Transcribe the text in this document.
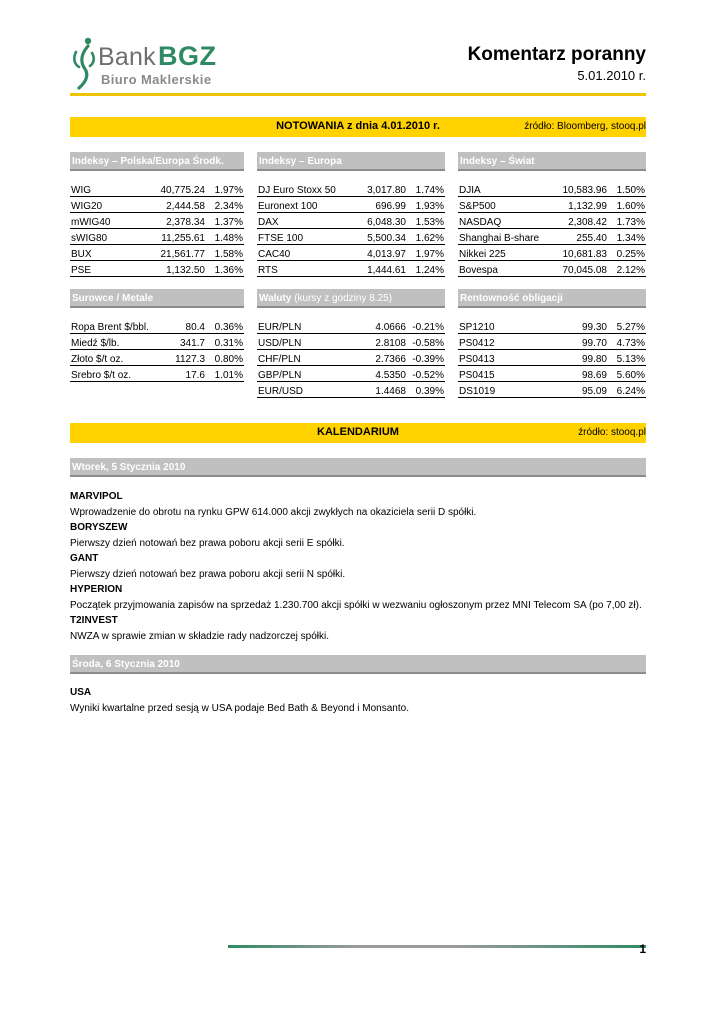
Bank BGZ
Biuro Maklerskie
Komentarz poranny
5.01.2010 r.
NOTOWANIA z dnia 4.01.2010 r.	źródło: Bloomberg, stooq.pl
Indeksy – Polska/Europa Środk.	Indeksy – Europa	Indeksy – Świat
WIG	40,775.24	1.97%
WIG20	2,444.58	2.34%
mWIG40	2,378.34	1.37%
sWIG80	11,255.61	1.48%
BUX	21,561.77	1.58%
PSE	1,132.50	1.36%
DJ Euro Stoxx 50	3,017.80	1.74%
Euronext 100	696.99	1.93%
DAX	6,048.30	1.53%
FTSE 100	5,500.34	1.62%
CAC40	4,013.97	1.97%
RTS	1,444.61	1.24%
DJIA	10,583.96	1.50%
S&P500	1,132.99	1.60%
NASDAQ	2,308.42	1.73%
Shanghai B-share	255.40	1.34%
Nikkei 225	10,681.83	0.25%
Bovespa	70,045.08	2.12%
Surowce / Metale	Waluty (kursy z godziny 8.25)	Rentowność obligacji
Ropa Brent $/bbl.	80.4	0.36%
Miedź $/lb.	341.7	0.31%
Złoto $/t oz.	1127.3	0.80%
Srebro $/t oz.	17.6	1.01%
EUR/PLN	4.0666	-0.21%
USD/PLN	2.8108	-0.58%
CHF/PLN	2.7366	-0.39%
GBP/PLN	4.5350	-0.52%
EUR/USD	1.4468	0.39%
SP1210	99.30	5.27%
PS0412	99.70	4.73%
PS0413	99.80	5.13%
PS0415	98.69	5.60%
DS1019	95.09	6.24%
KALENDARIUM	źródło: stooq.pl
Wtorek, 5 Stycznia 2010
MARVIPOL
Wprowadzenie do obrotu na rynku GPW 614.000 akcji zwykłych na okaziciela serii D spółki.
BORYSZEW
Pierwszy dzień notowań bez prawa poboru akcji serii E spółki.
GANT
Pierwszy dzień notowań bez prawa poboru akcji serii N spółki.
HYPERION
Początek przyjmowania zapisów na sprzedaż 1.230.700 akcji spółki w wezwaniu ogłoszonym przez MNI Telecom SA (po 7,00 zł).
T2INVEST
NWZA w sprawie zmian w składzie rady nadzorczej spółki.
Środa, 6 Stycznia 2010
USA
Wyniki kwartalne przed sesją w USA podaje Bed Bath & Beyond i Monsanto.
1
